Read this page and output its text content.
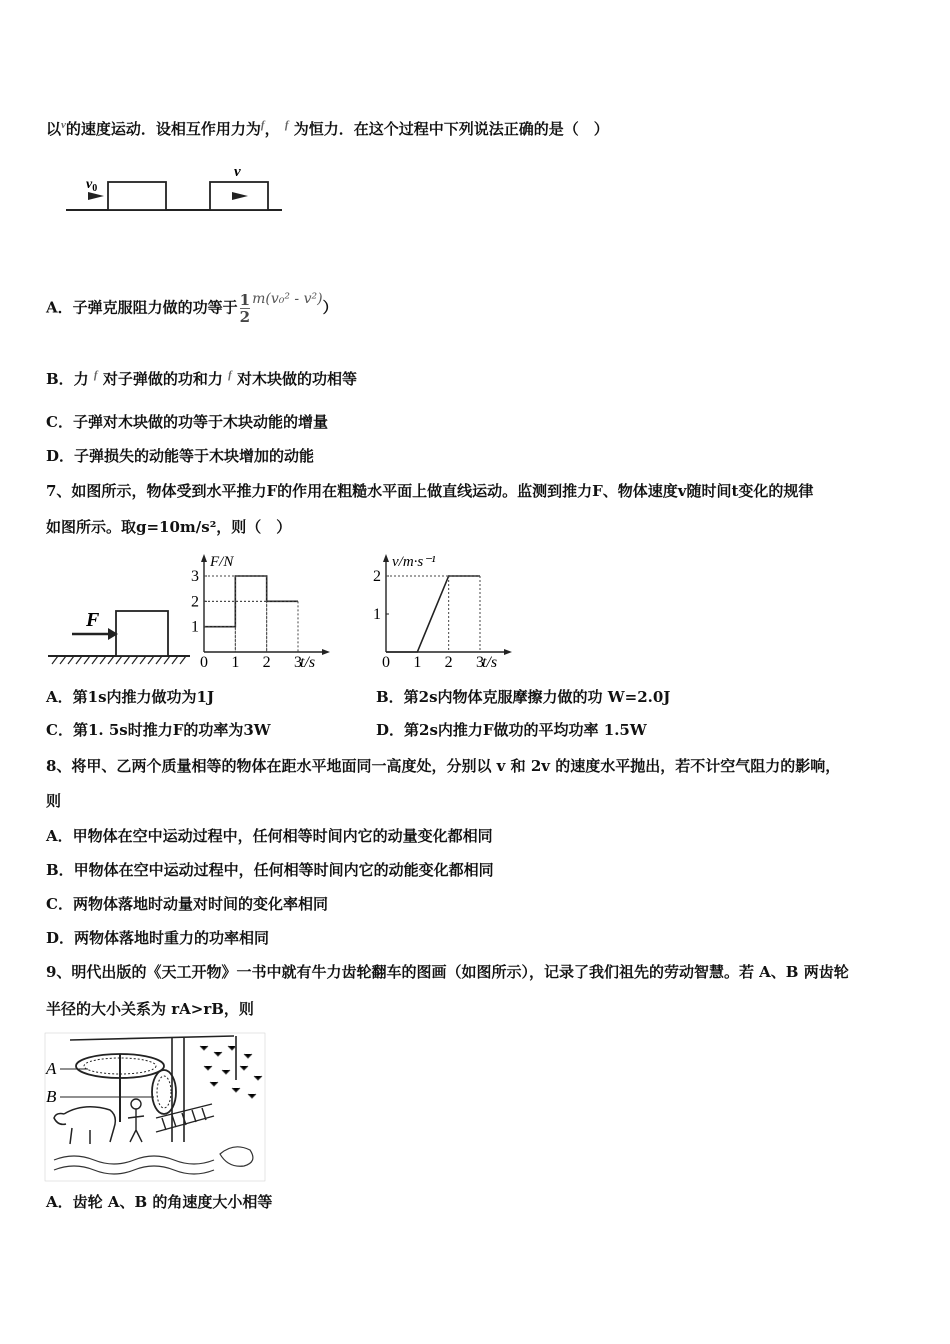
以$^v$的速度运动．设相互作用力为$^f$， $^f$ 为恒力．在这个过程中下列说法正确的是（　）
$v_0$
v
A．子弹克服阻力做的功等于 $\frac{1}{2} m(v_0^2 - v^2)$）
B．力 $^f$ 对子弹做的功和力 $^f$ 对木块做的功相等
C．子弹对木块做的功等于木块动能的增量
D．子弹损失的动能等于木块增加的动能
7、如图所示，物体受到水平推力F的作用在粗糙水平面上做直线运动。监测到推力F、物体速度v随时间t变化的规律
如图所示。取g=10m/s²，则（　）
F
0 1 2 3
1
2
3
t/s
F/N
0 1 2 3
1
2
t/s
v/m·s⁻¹
A．第1s内推力做功为1J	B．第2s内物体克服摩擦力做的功 W=2.0J
C．第1. 5s时推力F的功率为3W	D．第2s内推力F做功的平均功率 1.5W
8、将甲、乙两个质量相等的物体在距水平地面同一高度处，分别以 v 和 2v 的速度水平抛出，若不计空气阻力的影响，
则
A．甲物体在空中运动过程中，任何相等时间内它的动量变化都相同
B．甲物体在空中运动过程中，任何相等时间内它的动能变化都相同
C．两物体落地时动量对时间的变化率相同
D．两物体落地时重力的功率相同
9、明代出版的《天工开物》一书中就有牛力齿轮翻车的图画（如图所示），记录了我们祖先的劳动智慧。若 A、B 两齿轮
半径的大小关系为 rA>rB，则
A
B
A．齿轮 A、B 的角速度大小相等
